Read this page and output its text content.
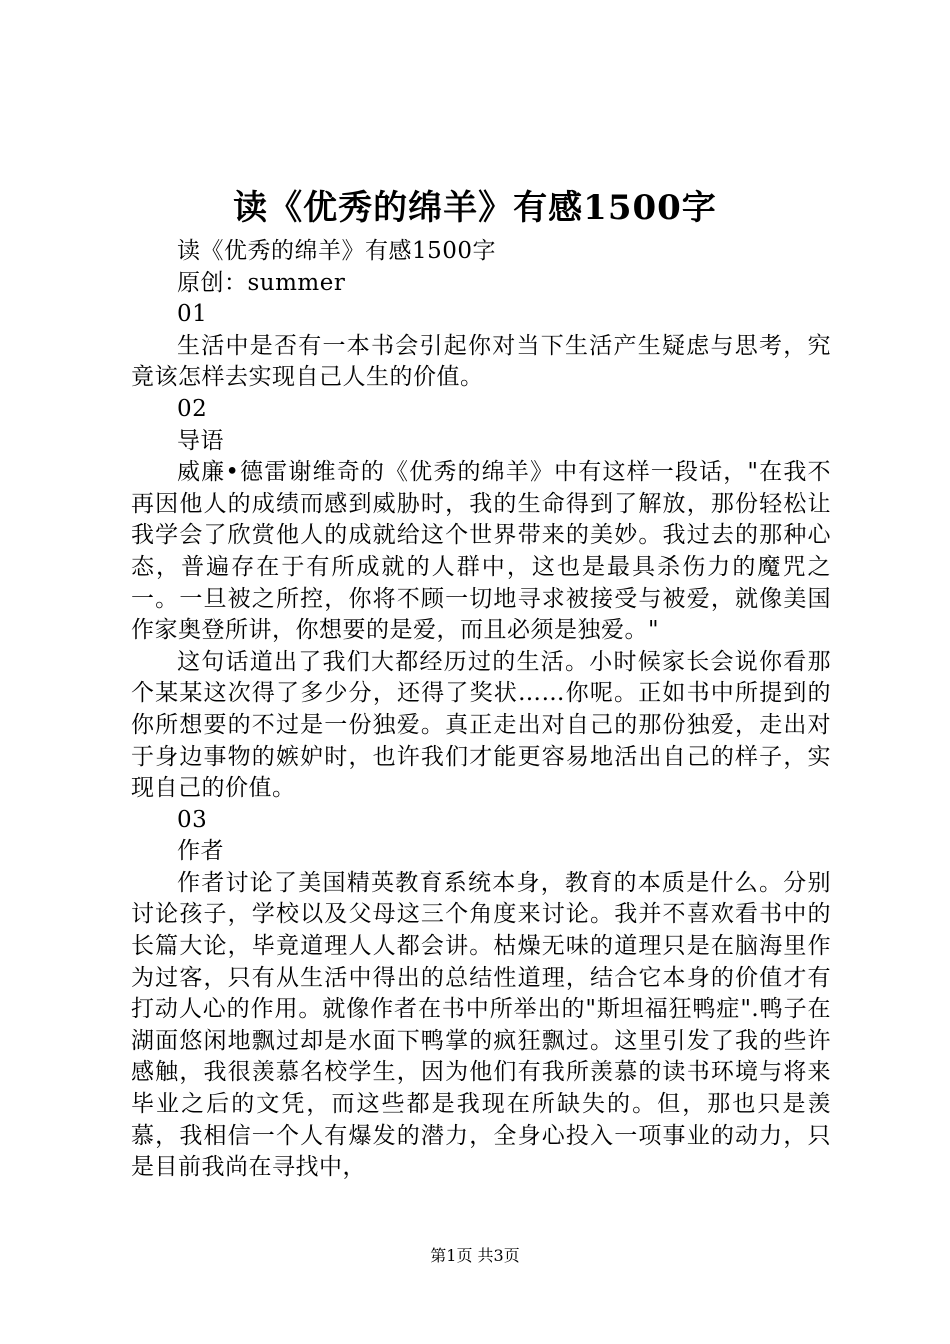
读《优秀的绵羊》有感1500字

读《优秀的绵羊》有感1500字

原创：summer

01

生活中是否有一本书会引起你对当下生活产生疑虑与思考，究竟该怎样去实现自己人生的价值。

02

导语

威廉•德雷谢维奇的《优秀的绵羊》中有这样一段话，"在我不再因他人的成绩而感到威胁时，我的生命得到了解放，那份轻松让我学会了欣赏他人的成就给这个世界带来的美妙。我过去的那种心态，普遍存在于有所成就的人群中，这也是最具杀伤力的魔咒之一。一旦被之所控，你将不顾一切地寻求被接受与被爱，就像美国作家奥登所讲，你想要的是爱，而且必须是独爱。"

这句话道出了我们大都经历过的生活。小时候家长会说你看那个某某这次得了多少分，还得了奖状……你呢。正如书中所提到的你所想要的不过是一份独爱。真正走出对自己的那份独爱，走出对于身边事物的嫉妒时，也许我们才能更容易地活出自己的样子，实现自己的价值。

03

作者

作者讨论了美国精英教育系统本身，教育的本质是什么。分别讨论孩子，学校以及父母这三个角度来讨论。我并不喜欢看书中的长篇大论，毕竟道理人人都会讲。枯燥无味的道理只是在脑海里作为过客，只有从生活中得出的总结性道理，结合它本身的价值才有打动人心的作用。就像作者在书中所举出的"斯坦福狂鸭症".鸭子在湖面悠闲地飘过却是水面下鸭掌的疯狂飘过。这里引发了我的些许感触，我很羡慕名校学生，因为他们有我所羡慕的读书环境与将来毕业之后的文凭，而这些都是我现在所缺失的。但，那也只是羡慕，我相信一个人有爆发的潜力，全身心投入一项事业的动力，只是目前我尚在寻找中，

第1页 共3页
